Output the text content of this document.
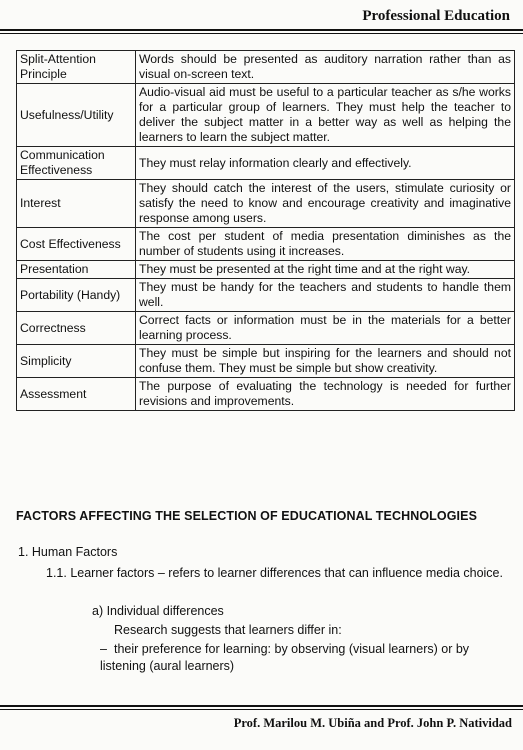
Professional Education
Split-Attention Principle	Words should be presented as auditory narration rather than as visual on-screen text.
Usefulness/Utility	Audio-visual aid must be useful to a particular teacher as s/he works for a particular group of learners. They must help the teacher to deliver the subject matter in a better way as well as helping the learners to learn the subject matter.
Communication Effectiveness	They must relay information clearly and effectively.
Interest	They should catch the interest of the users, stimulate curiosity or satisfy the need to know and encourage creativity and imaginative response among users.
Cost Effectiveness	The cost per student of media presentation diminishes as the number of students using it increases.
Presentation	They must be presented at the right time and at the right way.
Portability (Handy)	They must be handy for the teachers and students to handle them well.
Correctness	Correct facts or information must be in the materials for a better learning process.
Simplicity	They must be simple but inspiring for the learners and should not confuse them. They must be simple but show creativity.
Assessment	The purpose of evaluating the technology is needed for further revisions and improvements.
FACTORS AFFECTING THE SELECTION OF EDUCATIONAL TECHNOLOGIES
1. Human Factors
1.1. Learner factors – refers to learner differences that can influence media choice.
a) Individual differences
Research suggests that learners differ in:
– their preference for learning: by observing (visual learners) or by listening (aural learners)
Prof. Marilou M. Ubiña and Prof. John P. Natividad
